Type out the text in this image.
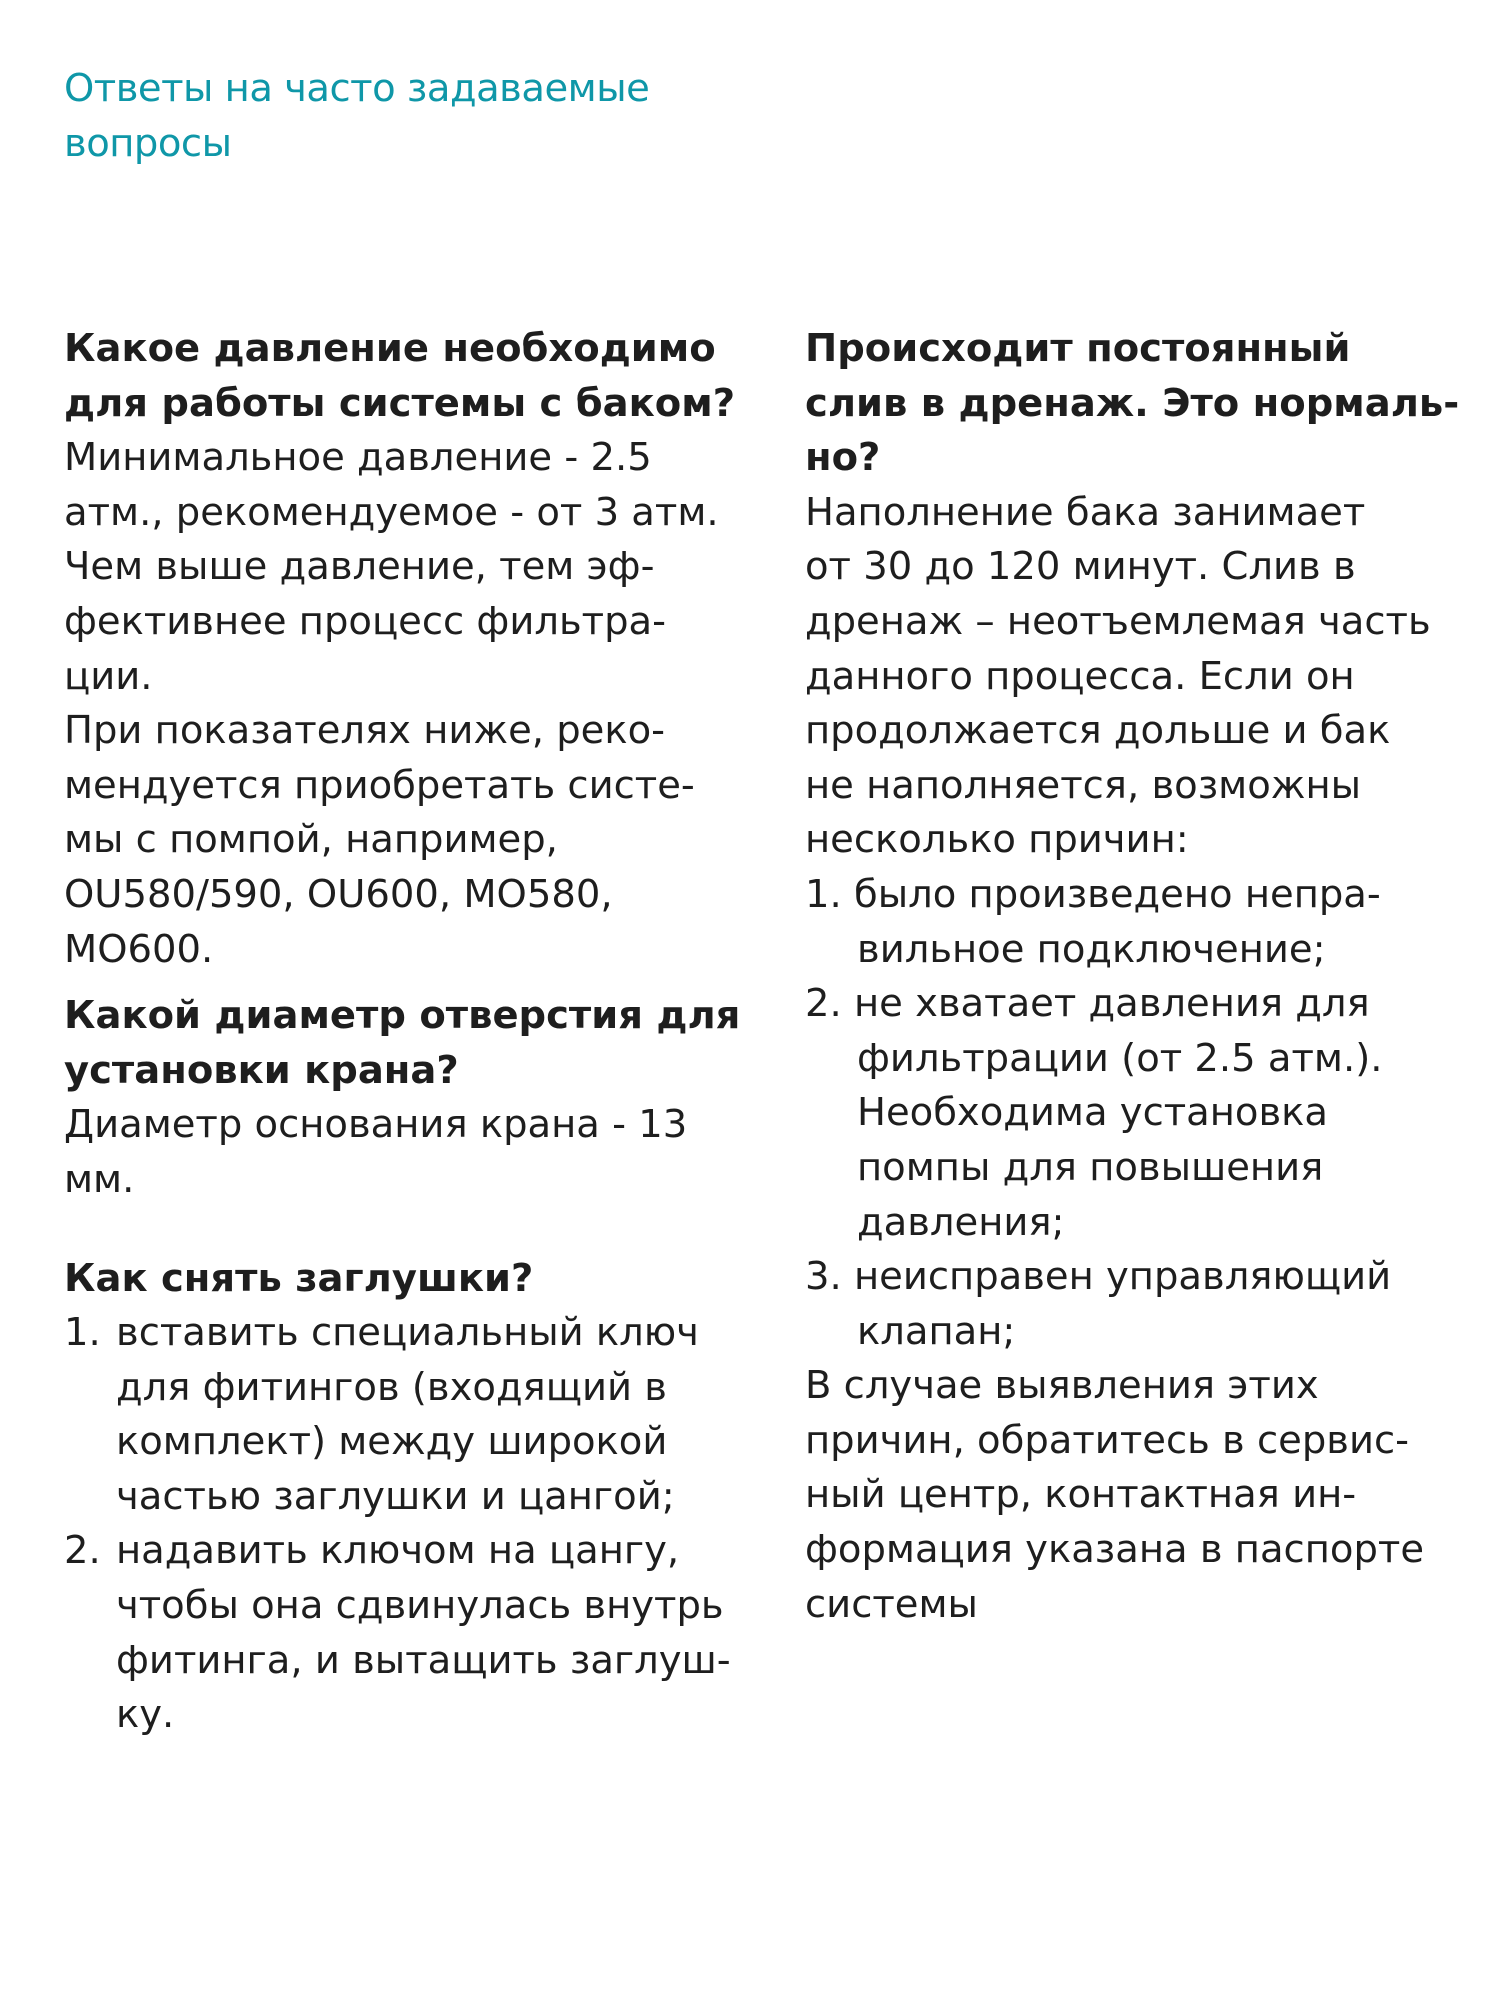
Ответы на часто задаваемые
вопросы
Какое давление необходимо
для работы системы с баком?
Минимальное давление - 2.5
атм., рекомендуемое - от 3 атм.
Чем выше давление, тем эф-
фективнее процесс фильтра-
ции.
При показателях ниже, реко-
мендуется приобретать систе-
мы с помпой, например,
OU580/590, OU600, MO580,
MO600.
Какой диаметр отверстия для
установки крана?
Диаметр основания крана - 13
мм.
Как снять заглушки?
1. вставить специальный ключ
для фитингов (входящий в
комплект) между широкой
частью заглушки и цангой;
2. надавить ключом на цангу,
чтобы она сдвинулась внутрь
фитинга, и вытащить заглуш-
ку.
Происходит постоянный
слив в дренаж. Это нормаль-
но?
Наполнение бака занимает
от 30 до 120 минут. Слив в
дренаж – неотъемлемая часть
данного процесса. Если он
продолжается дольше и бак
не наполняется, возможны
несколько причин:
1. было произведено непра-
вильное подключение;
2. не хватает давления для
фильтрации (от 2.5 атм.).
Необходима установка
помпы для повышения
давления;
3. неисправен управляющий
клапан;
В случае выявления этих
причин, обратитесь в сервис-
ный центр, контактная ин-
формация указана в паспорте
системы
